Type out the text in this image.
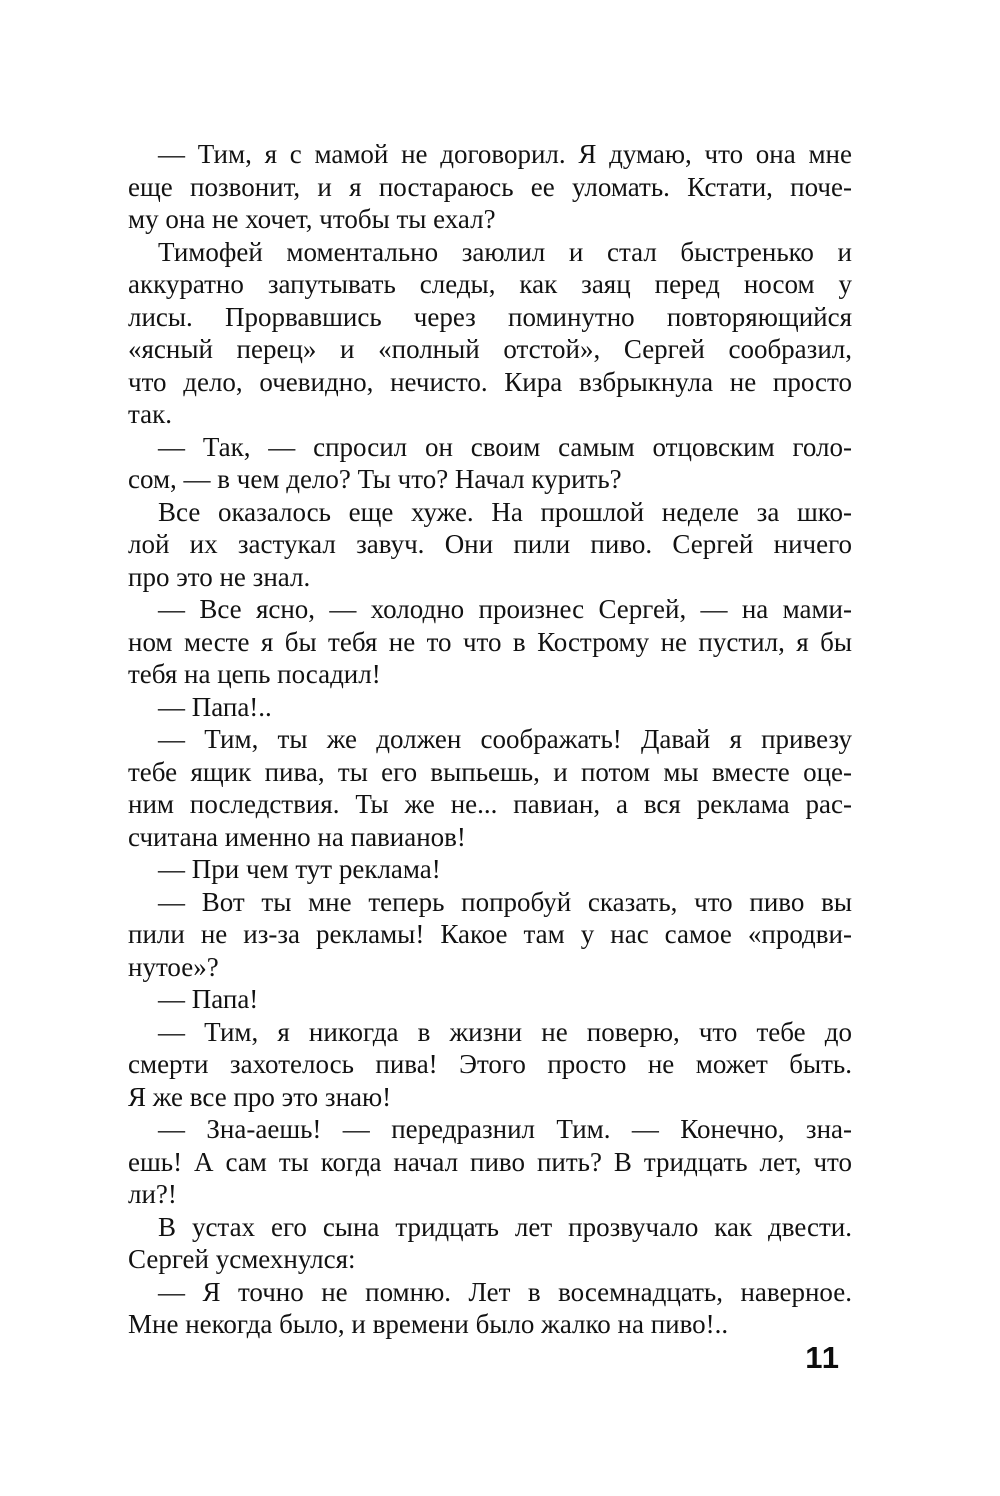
— Тим, я с мамой не договорил. Я думаю, что она мне
еще позвонит, и я постараюсь ее уломать. Кстати, поче-
му она не хочет, чтобы ты ехал?
Тимофей моментально заюлил и стал быстренько и
аккуратно запутывать следы, как заяц перед носом у
лисы. Прорвавшись через поминутно повторяющийся
«ясный перец» и «полный отстой», Сергей сообразил,
что дело, очевидно, нечисто. Кира взбрыкнула не просто
так.
— Так, — спросил он своим самым отцовским голо-
сом, — в чем дело? Ты что? Начал курить?
Все оказалось еще хуже. На прошлой неделе за шко-
лой их застукал завуч. Они пили пиво. Сергей ничего
про это не знал.
— Все ясно, — холодно произнес Сергей, — на мами-
ном месте я бы тебя не то что в Кострому не пустил, я бы
тебя на цепь посадил!
— Папа!..
— Тим, ты же должен соображать! Давай я привезу
тебе ящик пива, ты его выпьешь, и потом мы вместе оце-
ним последствия. Ты же не... павиан, а вся реклама рас-
считана именно на павианов!
— При чем тут реклама!
— Вот ты мне теперь попробуй сказать, что пиво вы
пили не из-за рекламы! Какое там у нас самое «продви-
нутое»?
— Папа!
— Тим, я никогда в жизни не поверю, что тебе до
смерти захотелось пива! Этого просто не может быть.
Я же все про это знаю!
— Зна-аешь! — передразнил Тим. — Конечно, зна-
ешь! А сам ты когда начал пиво пить? В тридцать лет, что
ли?!
В устах его сына тридцать лет прозвучало как двести.
Сергей усмехнулся:
— Я точно не помню. Лет в восемнадцать, наверное.
Мне некогда было, и времени было жалко на пиво!..
11
